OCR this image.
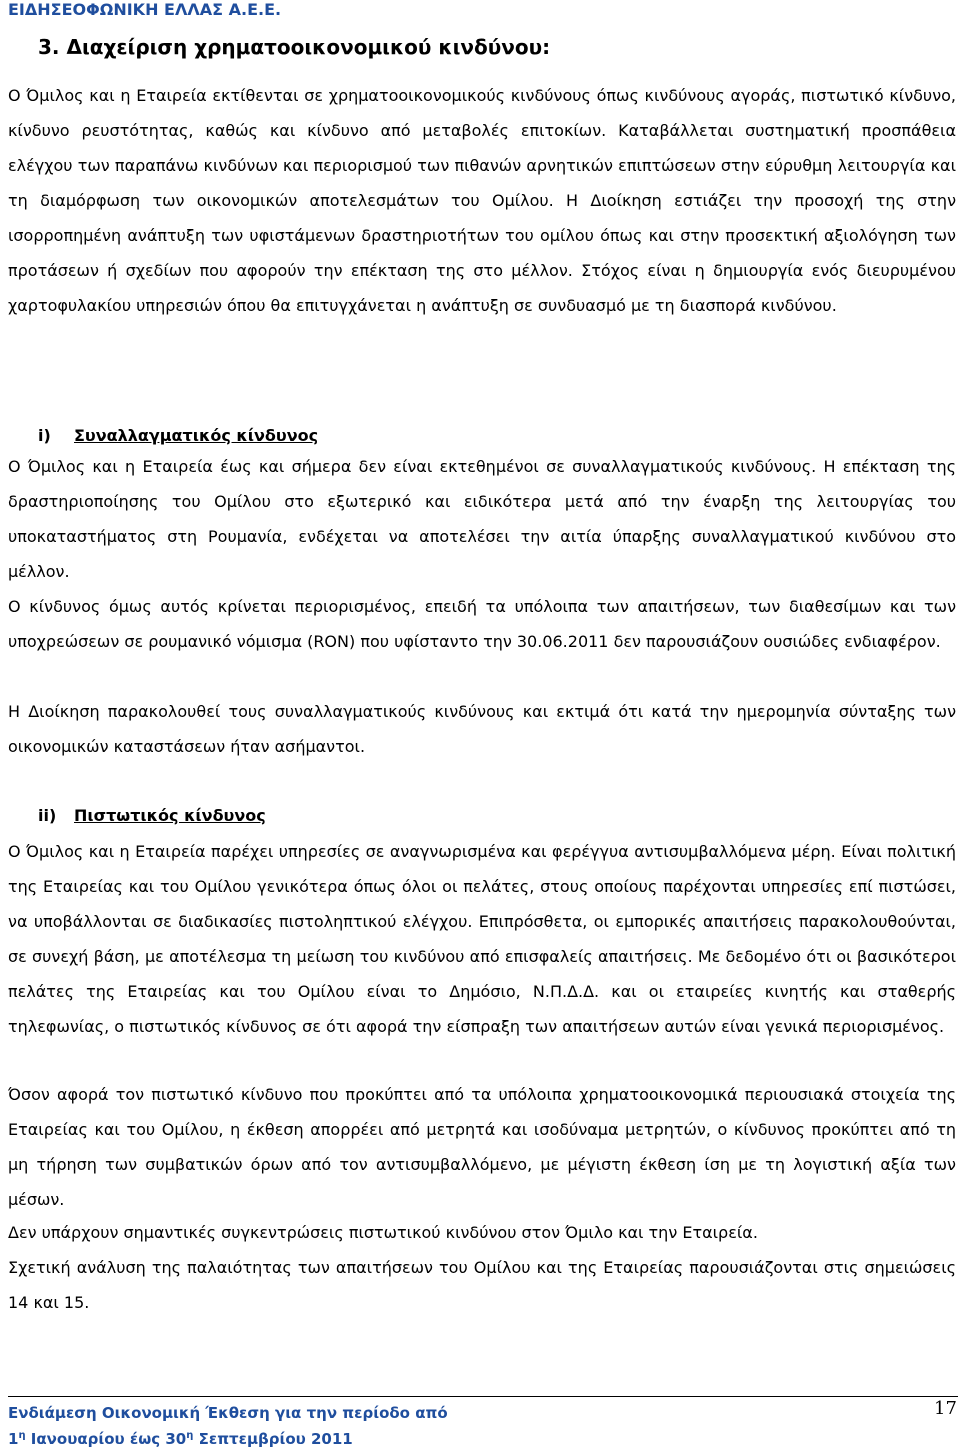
ΕΙΔΗΣΕΟΦΩΝΙΚΗ ΕΛΛΑΣ Α.Ε.Ε.
3. Διαχείριση χρηματοοικονομικού κινδύνου:
Ο Όμιλος και η Εταιρεία εκτίθενται σε χρηματοοικονομικούς κινδύνους όπως κινδύνους αγοράς, πιστωτικό κίνδυνο, κίνδυνο ρευστότητας, καθώς και κίνδυνο από μεταβολές επιτοκίων. Καταβάλλεται συστηματική προσπάθεια ελέγχου των παραπάνω κινδύνων και περιορισμού των πιθανών αρνητικών επιπτώσεων στην εύρυθμη λειτουργία και τη διαμόρφωση των οικονομικών αποτελεσμάτων του Ομίλου. Η Διοίκηση εστιάζει την προσοχή της στην ισορροπημένη ανάπτυξη των υφιστάμενων δραστηριοτήτων του ομίλου όπως και στην προσεκτική αξιολόγηση των προτάσεων ή σχεδίων που αφορούν την επέκταση της στο μέλλον. Στόχος είναι η δημιουργία ενός διευρυμένου χαρτοφυλακίου υπηρεσιών όπου θα επιτυγχάνεται η ανάπτυξη σε συνδυασμό με τη διασπορά κινδύνου.
i) Συναλλαγματικός κίνδυνος
Ο Όμιλος και η Εταιρεία έως και σήμερα δεν είναι εκτεθημένοι σε συναλλαγματικούς κινδύνους. Η επέκταση της δραστηριοποίησης του Ομίλου στο εξωτερικό και ειδικότερα μετά από την έναρξη της λειτουργίας του υποκαταστήματος στη Ρουμανία, ενδέχεται να αποτελέσει την αιτία ύπαρξης συναλλαγματικού κινδύνου στο μέλλον.
Ο κίνδυνος όμως αυτός κρίνεται περιορισμένος, επειδή τα υπόλοιπα των απαιτήσεων, των διαθεσίμων και των υποχρεώσεων σε ρουμανικό νόμισμα (RON) που υφίσταντο την 30.06.2011 δεν παρουσιάζουν ουσιώδες ενδιαφέρον.
Η Διοίκηση παρακολουθεί τους συναλλαγματικούς κινδύνους και εκτιμά ότι κατά την ημερομηνία σύνταξης των οικονομικών καταστάσεων ήταν ασήμαντοι.
ii) Πιστωτικός κίνδυνος
Ο Όμιλος και η Εταιρεία παρέχει υπηρεσίες σε αναγνωρισμένα και φερέγγυα αντισυμβαλλόμενα μέρη. Είναι πολιτική της Εταιρείας και του Ομίλου γενικότερα όπως όλοι οι πελάτες, στους οποίους παρέχονται υπηρεσίες επί πιστώσει, να υποβάλλονται σε διαδικασίες πιστοληπτικού ελέγχου. Επιπρόσθετα, οι εμπορικές απαιτήσεις παρακολουθούνται, σε συνεχή βάση, με αποτέλεσμα τη μείωση του κινδύνου από επισφαλείς απαιτήσεις. Με δεδομένο ότι οι βασικότεροι πελάτες της Εταιρείας και του Ομίλου είναι το Δημόσιο, Ν.Π.Δ.Δ. και οι εταιρείες κινητής και σταθερής τηλεφωνίας, ο πιστωτικός κίνδυνος σε ότι αφορά την είσπραξη των απαιτήσεων αυτών είναι γενικά περιορισμένος.
Όσον αφορά τον πιστωτικό κίνδυνο που προκύπτει από τα υπόλοιπα χρηματοοικονομικά περιουσιακά στοιχεία της Εταιρείας και του Ομίλου, η έκθεση απορρέει από μετρητά και ισοδύναμα μετρητών, ο κίνδυνος προκύπτει από τη μη τήρηση των συμβατικών όρων από τον αντισυμβαλλόμενο, με μέγιστη έκθεση ίση με τη λογιστική αξία των μέσων.
Δεν υπάρχουν σημαντικές συγκεντρώσεις πιστωτικού κινδύνου στον Όμιλο και την Εταιρεία.
Σχετική ανάλυση της παλαιότητας των απαιτήσεων του Ομίλου και της Εταιρείας παρουσιάζονται στις σημειώσεις 14 και 15.
Ενδιάμεση Οικονομική Έκθεση για την περίοδο από
$1^\eta$ Ιανουαρίου έως $30^\eta$ Σεπτεμβρίου 2011
17
